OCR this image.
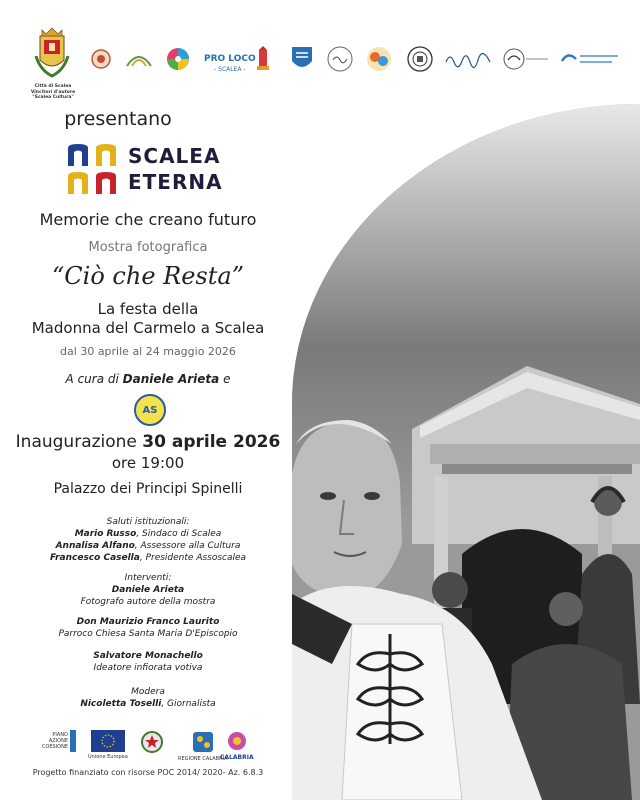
Città di Scalea
Vincitori d'autore
"Scalea Cultura"
PRO LOCO
- SCALEA -
presentano
SCALEA
ETERNA
Memorie che creano futuro
Mostra fotografica
“Ciò che Resta”
La festa della
Madonna del Carmelo a Scalea
dal 30 aprile al 24 maggio 2026
A cura di Daniele Arieta e
AS
Inaugurazione 30 aprile 2026
ore 19:00
Palazzo dei Principi Spinelli
Saluti istituzionali:
Mario Russo, Sindaco di Scalea
Annalisa Alfano, Assessore alla Cultura
Francesco Casella, Presidente Assoscalea
Interventi:
Daniele Arieta
Fotografo autore della mostra
Don Maurizio Franco Laurito
Parroco Chiesa Santa Maria D'Episcopio
Salvatore Monachello
Ideatore infiorata votiva
Modera
Nicoletta Toselli, Giornalista
PIANO AZIONE COESIONE
Unione Europea	REGIONE CALABRIA
CALABRIA
Progetto finanziato con risorse POC 2014/ 2020- Az. 6.8.3
